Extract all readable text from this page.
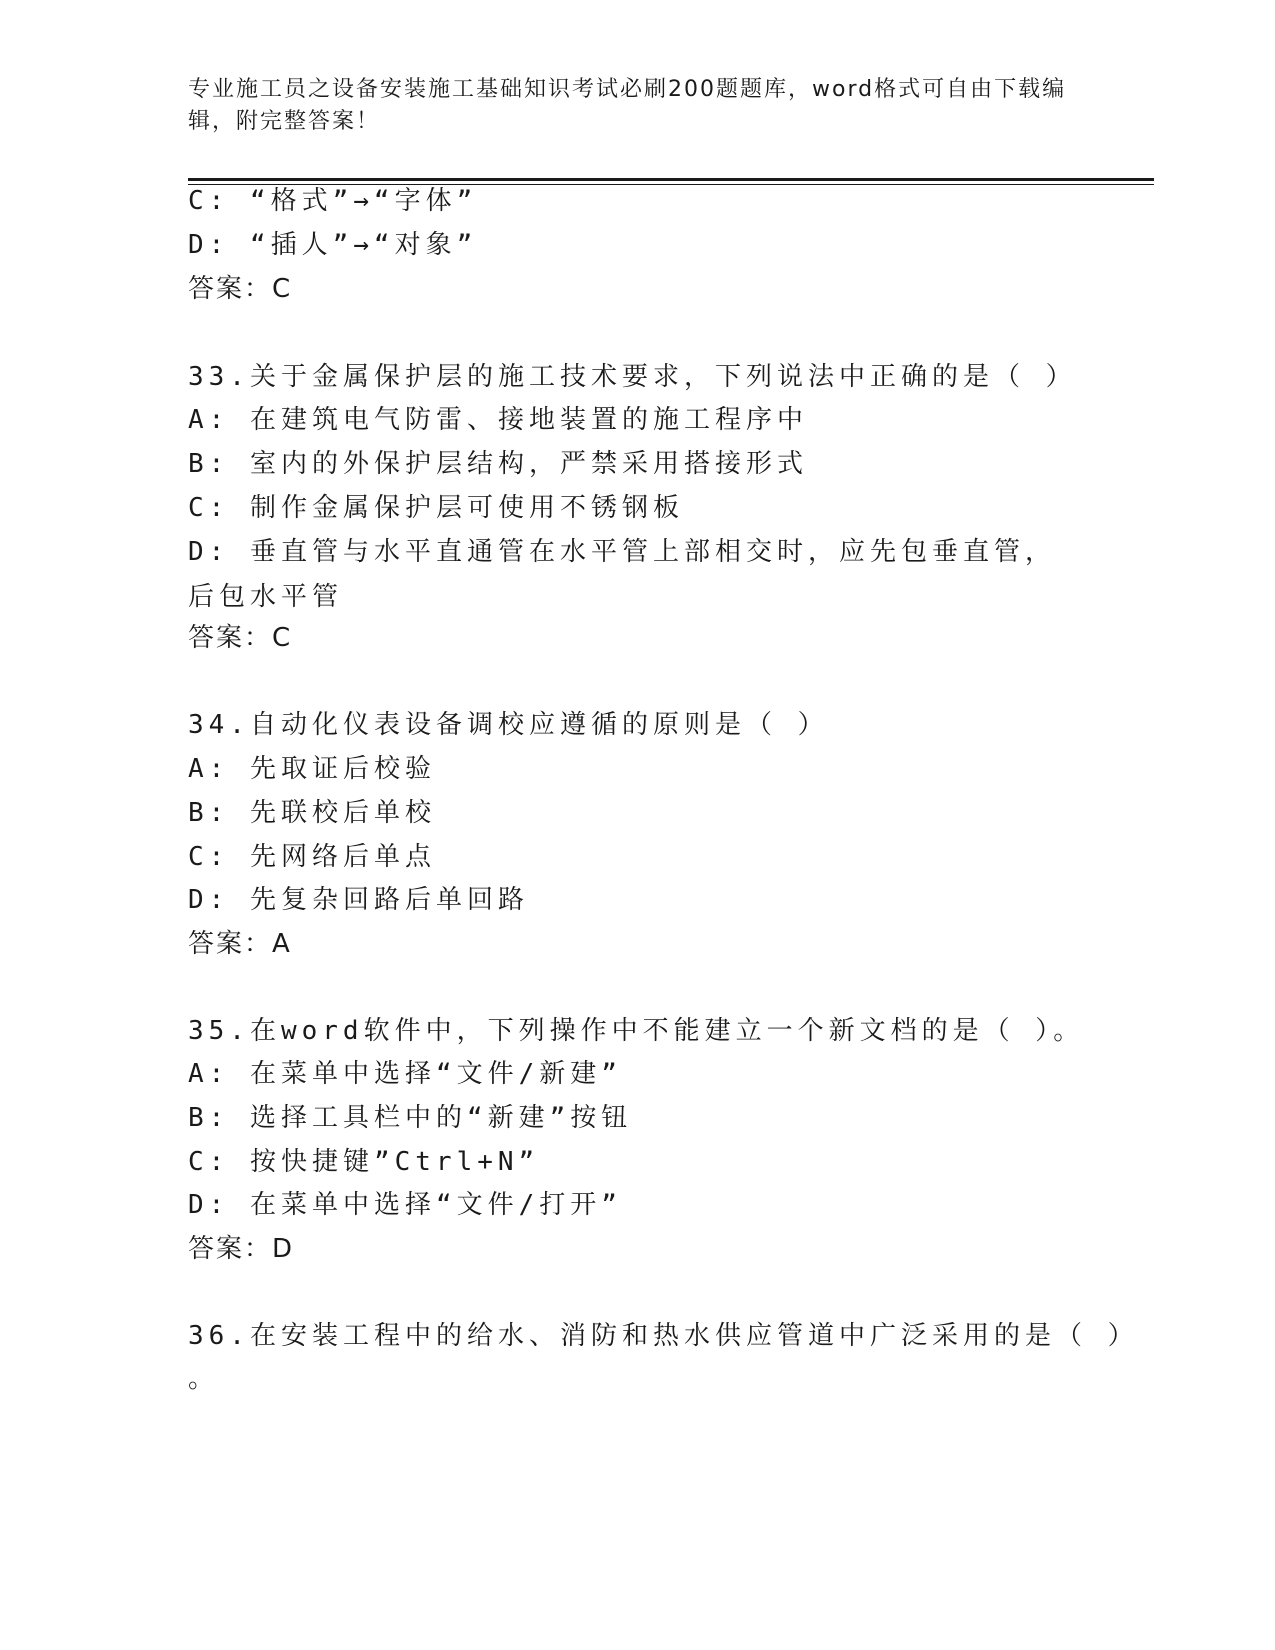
专业施工员之设备安装施工基础知识考试必刷200题题库，word格式可自由下载编辑，附完整答案！
C: “格式”→“字体”
D: “插人”→“对象”
答案：C
33.关于金属保护层的施工技术要求，下列说法中正确的是（ ）
A: 在建筑电气防雷、接地装置的施工程序中
B: 室内的外保护层结构，严禁采用搭接形式
C: 制作金属保护层可使用不锈钢板
D: 垂直管与水平直通管在水平管上部相交时，应先包垂直管，后包水平管
答案：C
34.自动化仪表设备调校应遵循的原则是（ ）
A: 先取证后校验
B: 先联校后单校
C: 先网络后单点
D: 先复杂回路后单回路
答案：A
35.在word软件中，下列操作中不能建立一个新文档的是（ ）。
A: 在菜单中选择“文件/新建”
B: 选择工具栏中的“新建”按钮
C: 按快捷键”Ctrl+N”
D: 在菜单中选择“文件/打开”
答案：D
36.在安装工程中的给水、消防和热水供应管道中广泛采用的是（ ）
。
